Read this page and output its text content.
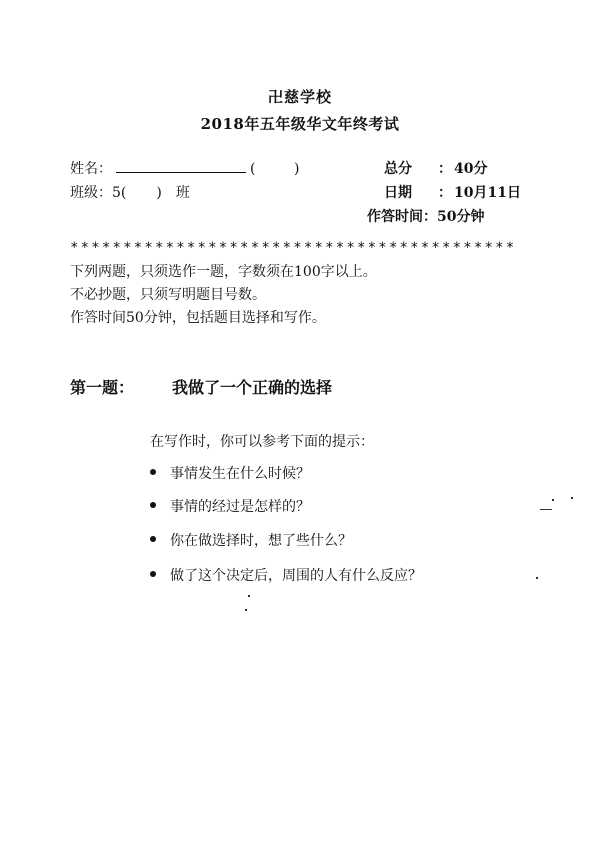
卍慈学校
2018年五年级华文年终考试
姓名：	(	)
班级：5( )　班
总分 ： 40分
日期 ： 10月11日
作答时间：50分钟
******************************************
下列两题，只须选作一题，字数须在100字以上。
不必抄题，只须写明题目号数。
作答时间50分钟，包括题目选择和写作。
第一题： 我做了一个正确的选择
在写作时，你可以参考下面的提示：
事情发生在什么时候？
事情的经过是怎样的？
你在做选择时，想了些什么？
做了这个决定后，周围的人有什么反应？
